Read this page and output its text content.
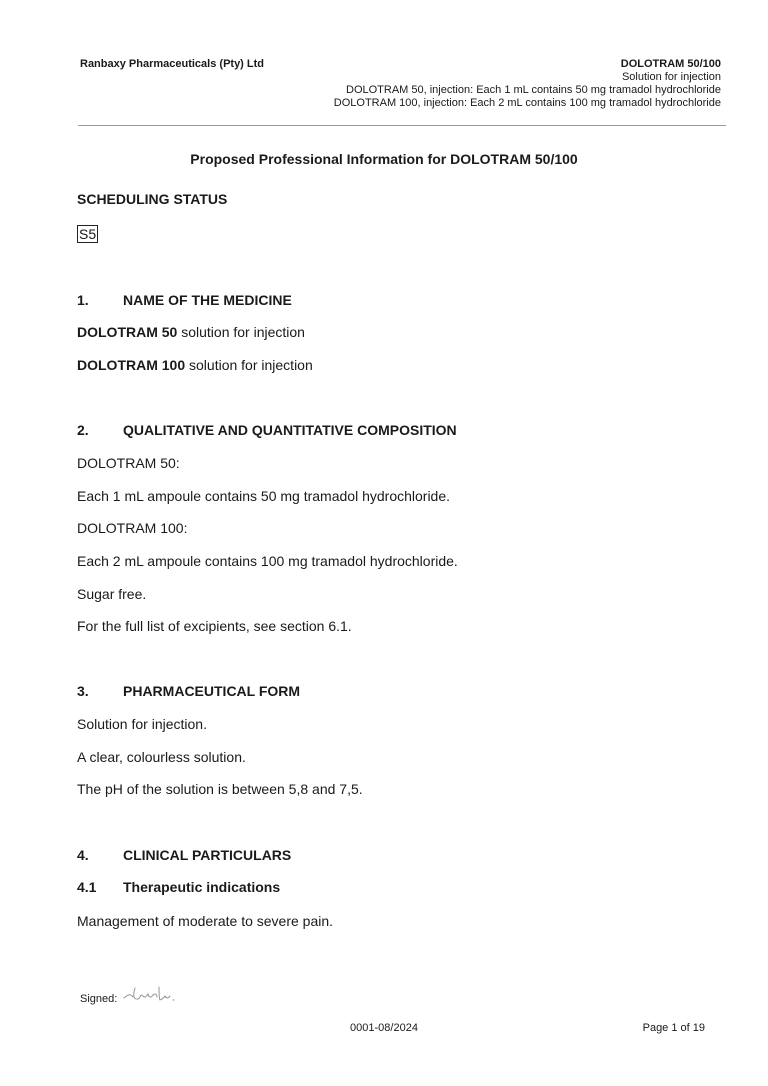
Ranbaxy Pharmaceuticals (Pty) Ltd	DOLOTRAM 50/100
Solution for injection
DOLOTRAM 50, injection: Each 1 mL contains 50 mg tramadol hydrochloride
DOLOTRAM 100, injection: Each 2 mL contains 100 mg tramadol hydrochloride
Proposed Professional Information for DOLOTRAM 50/100
SCHEDULING STATUS
S5
1. NAME OF THE MEDICINE
DOLOTRAM 50 solution for injection
DOLOTRAM 100 solution for injection
2. QUALITATIVE AND QUANTITATIVE COMPOSITION
DOLOTRAM 50:
Each 1 mL ampoule contains 50 mg tramadol hydrochloride.
DOLOTRAM 100:
Each 2 mL ampoule contains 100 mg tramadol hydrochloride.
Sugar free.
For the full list of excipients, see section 6.1.
3. PHARMACEUTICAL FORM
Solution for injection.
A clear, colourless solution.
The pH of the solution is between 5,8 and 7,5.
4. CLINICAL PARTICULARS
4.1 Therapeutic indications
Management of moderate to severe pain.
Signed:
0001-08/2024	Page 1 of 19
